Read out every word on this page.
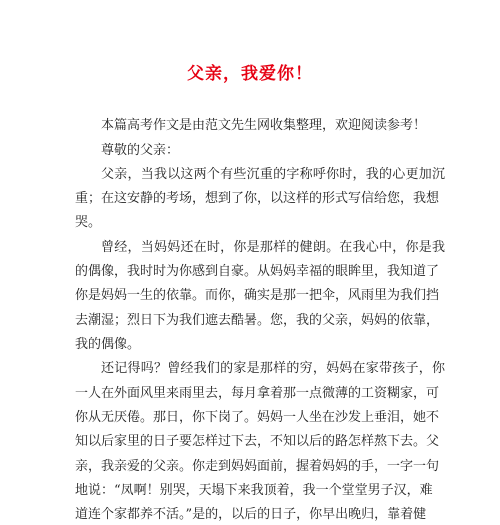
父亲，我爱你！
本篇高考作文是由范文先生网收集整理，欢迎阅读参考！
尊敬的父亲：
父亲，当我以这两个有些沉重的字称呼你时，我的心更加沉
重；在这安静的考场，想到了你，以这样的形式写信给您，我想
哭。
曾经，当妈妈还在时，你是那样的健朗。在我心中，你是我
的偶像，我时时为你感到自豪。从妈妈幸福的眼眸里，我知道了
你是妈妈一生的依靠。而你，确实是那一把伞，风雨里为我们挡
去潮湿；烈日下为我们遮去酷暑。您，我的父亲，妈妈的依靠，
我的偶像。
还记得吗？曾经我们的家是那样的穷，妈妈在家带孩子，你
一人在外面风里来雨里去，每月拿着那一点微薄的工资糊家，可
你从无厌倦。那日，你下岗了。妈妈一人坐在沙发上垂泪，她不
知以后家里的日子要怎样过下去，不知以后的路怎样熬下去。父
亲，我亲爱的父亲。你走到妈妈面前，握着妈妈的手，一字一句
地说：“凤啊！别哭，天塌下来我顶着，我一个堂堂男子汉，难
道连个家都养不活。”是的，以后的日子，你早出晚归，靠着健
